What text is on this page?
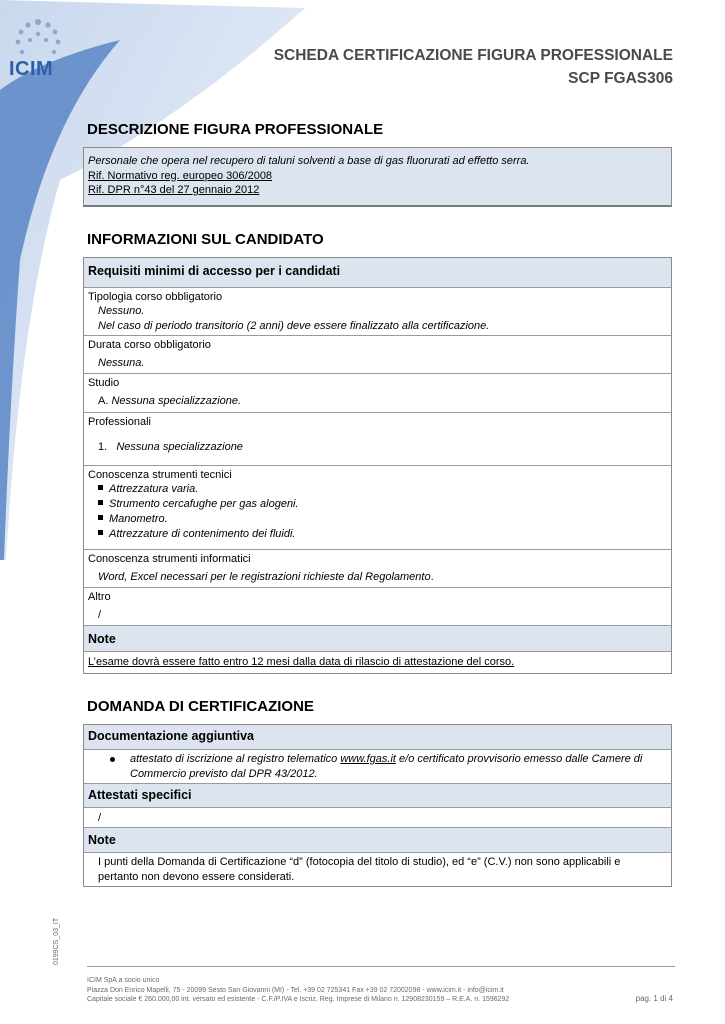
ICIM
SCHEDA CERTIFICAZIONE FIGURA PROFESSIONALE
SCP FGAS306
DESCRIZIONE FIGURA PROFESSIONALE
Personale che opera nel recupero di taluni solventi a base di gas fluorurati ad effetto serra.
Rif. Normativo reg. europeo 306/2008
Rif. DPR n°43 del 27 gennaio 2012
INFORMAZIONI SUL CANDIDATO
Requisiti minimi di accesso per i candidati
Tipologia corso obbligatorio
Nessuno.
Nel caso di periodo transitorio (2 anni) deve essere finalizzato alla certificazione.
Durata corso obbligatorio
Nessuna.
Studio
A. Nessuna specializzazione.
Professionali
1. Nessuna specializzazione
Conoscenza strumenti tecnici
Attrezzatura varia.
Strumento cercafughe per gas alogeni.
Manometro.
Attrezzature di contenimento dei fluidi.
Conoscenza strumenti informatici
Word, Excel necessari per le registrazioni richieste dal Regolamento.
Altro
/
Note
L’esame dovrà essere fatto entro 12 mesi dalla data di rilascio di attestazione del corso.
DOMANDA DI CERTIFICAZIONE
Documentazione aggiuntiva
attestato di iscrizione al registro telematico www.fgas.it e/o certificato provvisorio emesso dalle Camere di
Commercio previsto dal DPR 43/2012.
Attestati specifici
/
Note
I punti della Domanda di Certificazione “d” (fotocopia del titolo di studio), ed “e” (C.V.) non sono applicabili e
pertanto non devono essere considerati.
0199CS_03_IT
ICIM SpA a socio unico
Piazza Don Enrico Mapelli, 75 - 20099 Sesto San Giovanni (MI) - Tel. +39 02 725341 Fax +39 02 72002098 - www.icim.it - info@icim.it
Capitale sociale € 260.000,00 int. versato ed esistente - C.F./P.IVA e Iscriz. Reg. Imprese di Milano n. 12908230159 – R.E.A. n. 1596292	pag. 1 di 4
